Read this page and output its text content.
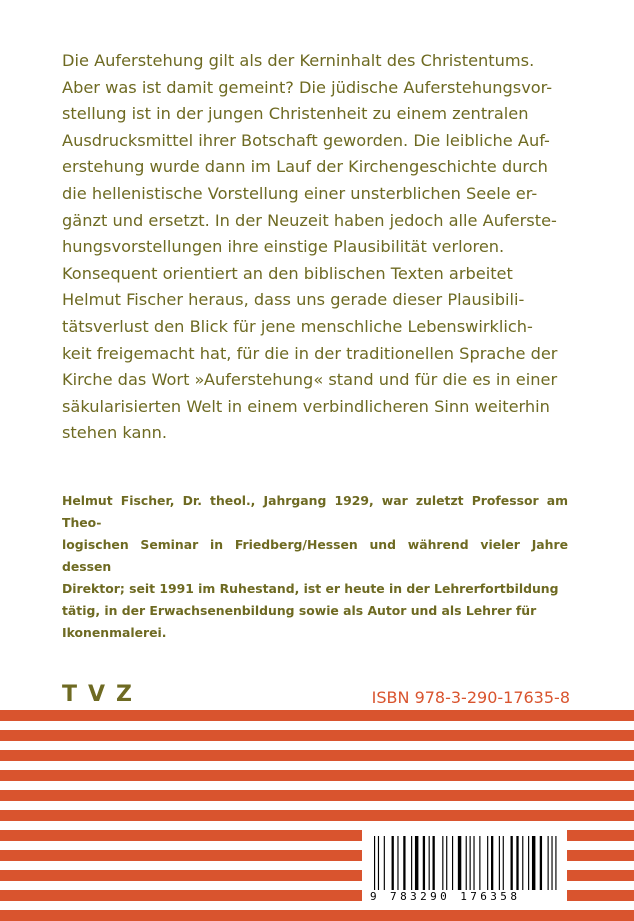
Die Auferstehung gilt als der Kerninhalt des Christentums.
Aber was ist damit gemeint? Die jüdische Auferstehungsvor-
stellung ist in der jungen Christenheit zu einem zentralen
Ausdrucksmittel ihrer Botschaft geworden. Die leibliche Auf-
erstehung wurde dann im Lauf der Kirchengeschichte durch
die hellenistische Vorstellung einer unsterblichen Seele er-
gänzt und ersetzt. In der Neuzeit haben jedoch alle Auferste-
hungsvorstellungen ihre einstige Plausibilität verloren.
Konsequent orientiert an den biblischen Texten arbeitet
Helmut Fischer heraus, dass uns gerade dieser Plausibili-
tätsverlust den Blick für jene menschliche Lebenswirklich-
keit freigemacht hat, für die in der traditionellen Sprache der
Kirche das Wort »Auferstehung« stand und für die es in einer
säkularisierten Welt in einem verbindlicheren Sinn weiterhin
stehen kann.
Helmut Fischer, Dr. theol., Jahrgang 1929, war zuletzt Professor am Theo-
logischen Seminar in Friedberg/Hessen und während vieler Jahre dessen
Direktor; seit 1991 im Ruhestand, ist er heute in der Lehrerfortbildung
tätig, in der Erwachsenenbildung sowie als Autor und als Lehrer für
Ikonenmalerei.
TVZ	ISBN 978-3-290-17635-8
9 783290 176358
